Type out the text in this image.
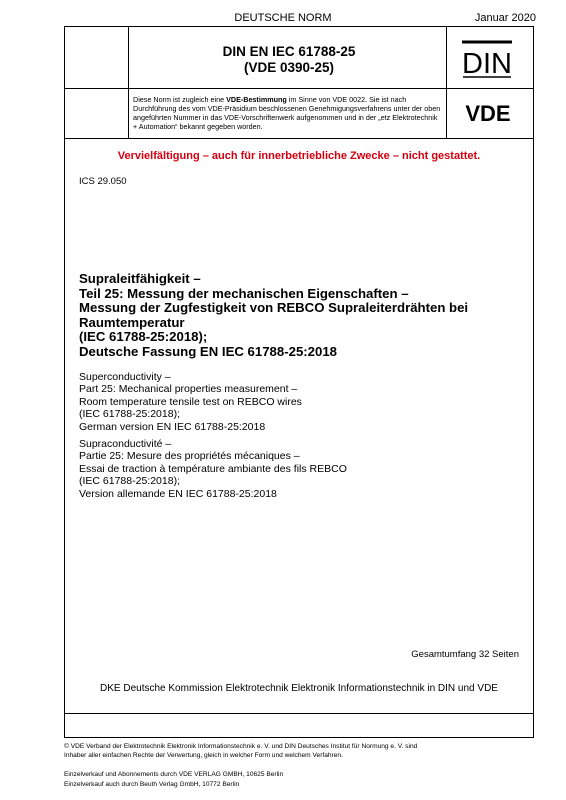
DEUTSCHE NORM	Januar 2020
DIN EN IEC 61788-25
(VDE 0390-25)	DIN
Diese Norm ist zugleich eine VDE-Bestimmung im Sinne von VDE 0022. Sie ist nach Durchführung des vom VDE-Präsidium beschlossenen Genehmigungsverfahrens unter der oben angeführten Nummer in das VDE-Vorschriftenwerk aufgenommen und in der „etz Elektrotechnik + Automation“ bekannt gegeben worden.
VDE
Vervielfältigung – auch für innerbetriebliche Zwecke – nicht gestattet.
ICS 29.050
Supraleitfähigkeit –
Teil 25: Messung der mechanischen Eigenschaften –
Messung der Zugfestigkeit von REBCO Supraleiterdrähten bei
Raumtemperatur
(IEC 61788-25:2018);
Deutsche Fassung EN IEC 61788-25:2018
Superconductivity –
Part 25: Mechanical properties measurement –
Room temperature tensile test on REBCO wires
(IEC 61788-25:2018);
German version EN IEC 61788-25:2018
Supraconductivité –
Partie 25: Mesure des propriétés mécaniques –
Essai de traction à température ambiante des fils REBCO
(IEC 61788-25:2018);
Version allemande EN IEC 61788-25:2018
Gesamtumfang 32 Seiten
DKE Deutsche Kommission Elektrotechnik Elektronik Informationstechnik in DIN und VDE
© VDE Verband der Elektrotechnik Elektronik Informationstechnik e. V. und DIN Deutsches Institut für Normung e. V. sind
Inhaber aller einfachen Rechte der Verwertung, gleich in welcher Form und welchem Verfahren.
Einzelverkauf und Abonnements durch VDE VERLAG GMBH, 10625 Berlin
Einzelverkauf auch durch Beuth Verlag GmbH, 10772 Berlin
